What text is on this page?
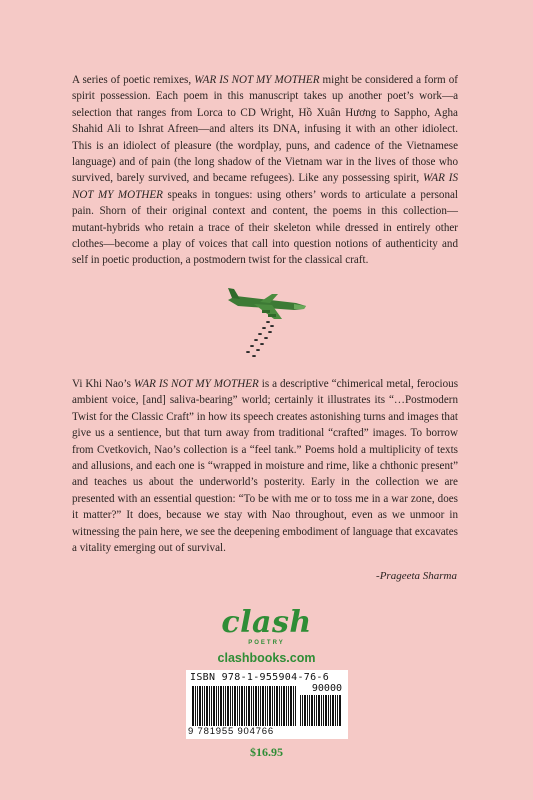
A series of poetic remixes, WAR IS NOT MY MOTHER might be considered a form of spirit possession. Each poem in this manuscript takes up another poet’s work—a selection that ranges from Lorca to CD Wright, Hồ Xuân Hương to Sappho, Agha Shahid Ali to Ishrat Afreen—and alters its DNA, infusing it with an other idiolect. This is an idiolect of pleasure (the wordplay, puns, and cadence of the Vietnamese language) and of pain (the long shadow of the Vietnam war in the lives of those who survived, barely survived, and became refugees). Like any possessing spirit, WAR IS NOT MY MOTHER speaks in tongues: using others’ words to articulate a personal pain. Shorn of their original context and content, the poems in this collection—mutant-hybrids who retain a trace of their skeleton while dressed in entirely other clothes—become a play of voices that call into question notions of authenticity and self in poetic production, a postmodern twist for the classical craft.

Vi Khi Nao’s WAR IS NOT MY MOTHER is a descriptive “chimerical metal, ferocious ambient voice, [and] saliva-bearing” world; certainly it illustrates its “…Postmodern Twist for the Classic Craft” in how its speech creates astonishing turns and images that give us a sentience, but that turn away from traditional “crafted” images. To borrow from Cvetkovich, Nao’s collection is a “feel tank.” Poems hold a multiplicity of texts and allusions, and each one is “wrapped in moisture and rime, like a chthonic present” and teaches us about the underworld’s posterity. Early in the collection we are presented with an essential question: “To be with me or to toss me in a war zone, does it matter?” It does, because we stay with Nao throughout, even as we unmoor in witnessing the pain here, we see the deepening embodiment of language that excavates a vitality emerging out of survival.

-Prageeta Sharma
clash
POETRY
clashbooks.com
ISBN 978-1-955904-76-6
90000
9 781955 904766
$16.95
